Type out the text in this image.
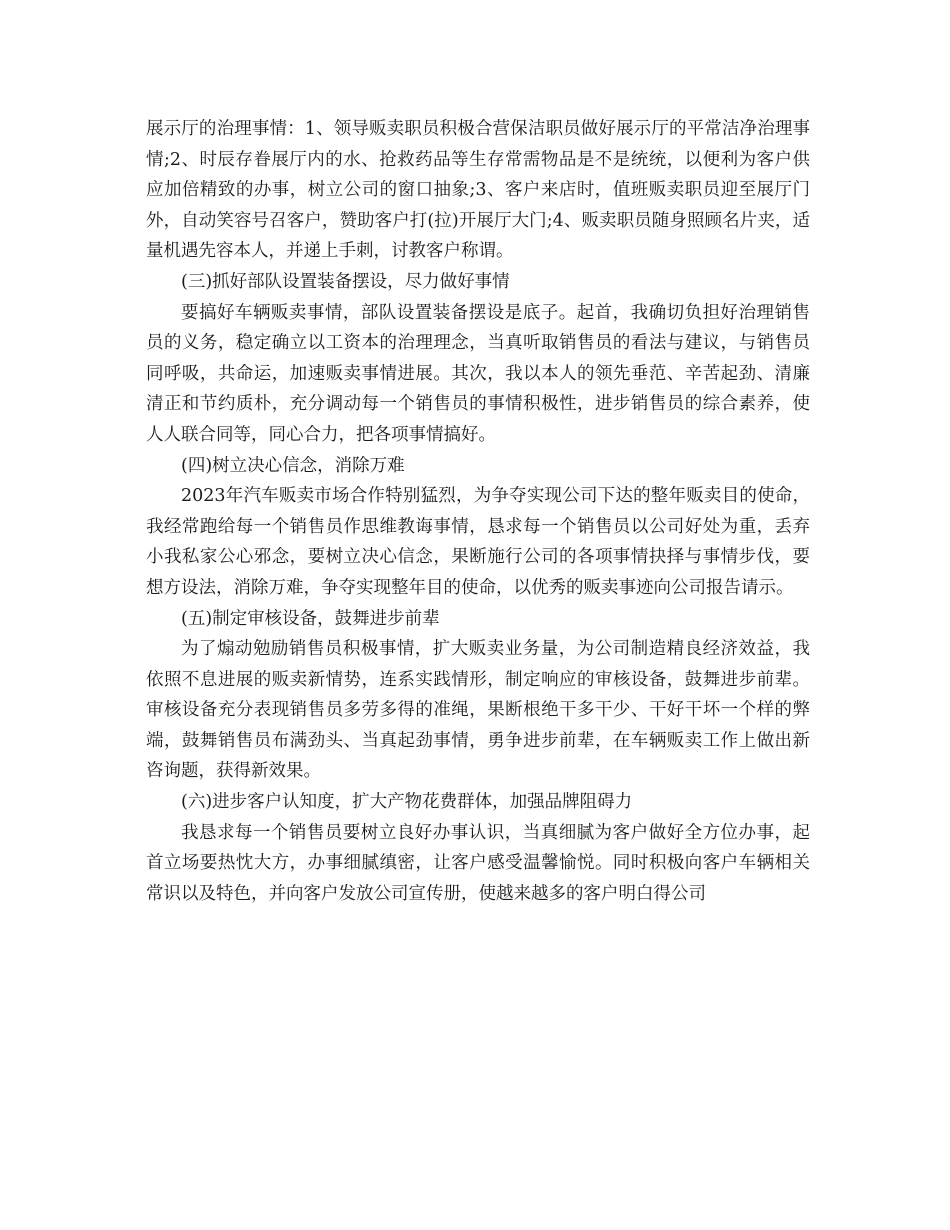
展示厅的治理事情：1、领导贩卖职员积极合营保洁职员做好展示厅的平常洁净治理事情;2、时辰存眷展厅内的水、抢救药品等生存常需物品是不是统统，以便利为客户供应加倍精致的办事，树立公司的窗口抽象;3、客户来店时，值班贩卖职员迎至展厅门外，自动笑容号召客户，赞助客户打(拉)开展厅大门;4、贩卖职员随身照顾名片夹，适量机遇先容本人，并递上手刺，讨教客户称谓。

(三)抓好部队设置装备摆设，尽力做好事情

要搞好车辆贩卖事情，部队设置装备摆设是底子。起首，我确切负担好治理销售员的义务，稳定确立以工资本的治理理念，当真听取销售员的看法与建议，与销售员同呼吸，共命运，加速贩卖事情进展。其次，我以本人的领先垂范、辛苦起劲、清廉清正和节约质朴，充分调动每一个销售员的事情积极性，进步销售员的综合素养，使人人联合同等，同心合力，把各项事情搞好。

(四)树立决心信念，消除万难

2023年汽车贩卖市场合作特别猛烈，为争夺实现公司下达的整年贩卖目的使命，我经常跑给每一个销售员作思维教诲事情，恳求每一个销售员以公司好处为重，丢弃小我私家公心邪念，要树立决心信念，果断施行公司的各项事情抉择与事情步伐，要想方设法，消除万难，争夺实现整年目的使命，以优秀的贩卖事迹向公司报告请示。

(五)制定审核设备，鼓舞进步前辈

为了煽动勉励销售员积极事情，扩大贩卖业务量，为公司制造精良经济效益，我依照不息进展的贩卖新情势，连系实践情形，制定响应的审核设备，鼓舞进步前辈。审核设备充分表现销售员多劳多得的准绳，果断根绝干多干少、干好干坏一个样的弊端，鼓舞销售员布满劲头、当真起劲事情，勇争进步前辈，在车辆贩卖工作上做出新咨询题，获得新效果。

(六)进步客户认知度，扩大产物花费群体，加强品牌阻碍力

我恳求每一个销售员要树立良好办事认识，当真细腻为客户做好全方位办事，起首立场要热忱大方，办事细腻缜密，让客户感受温馨愉悦。同时积极向客户车辆相关常识以及特色，并向客户发放公司宣传册，使越来越多的客户明白得公司
